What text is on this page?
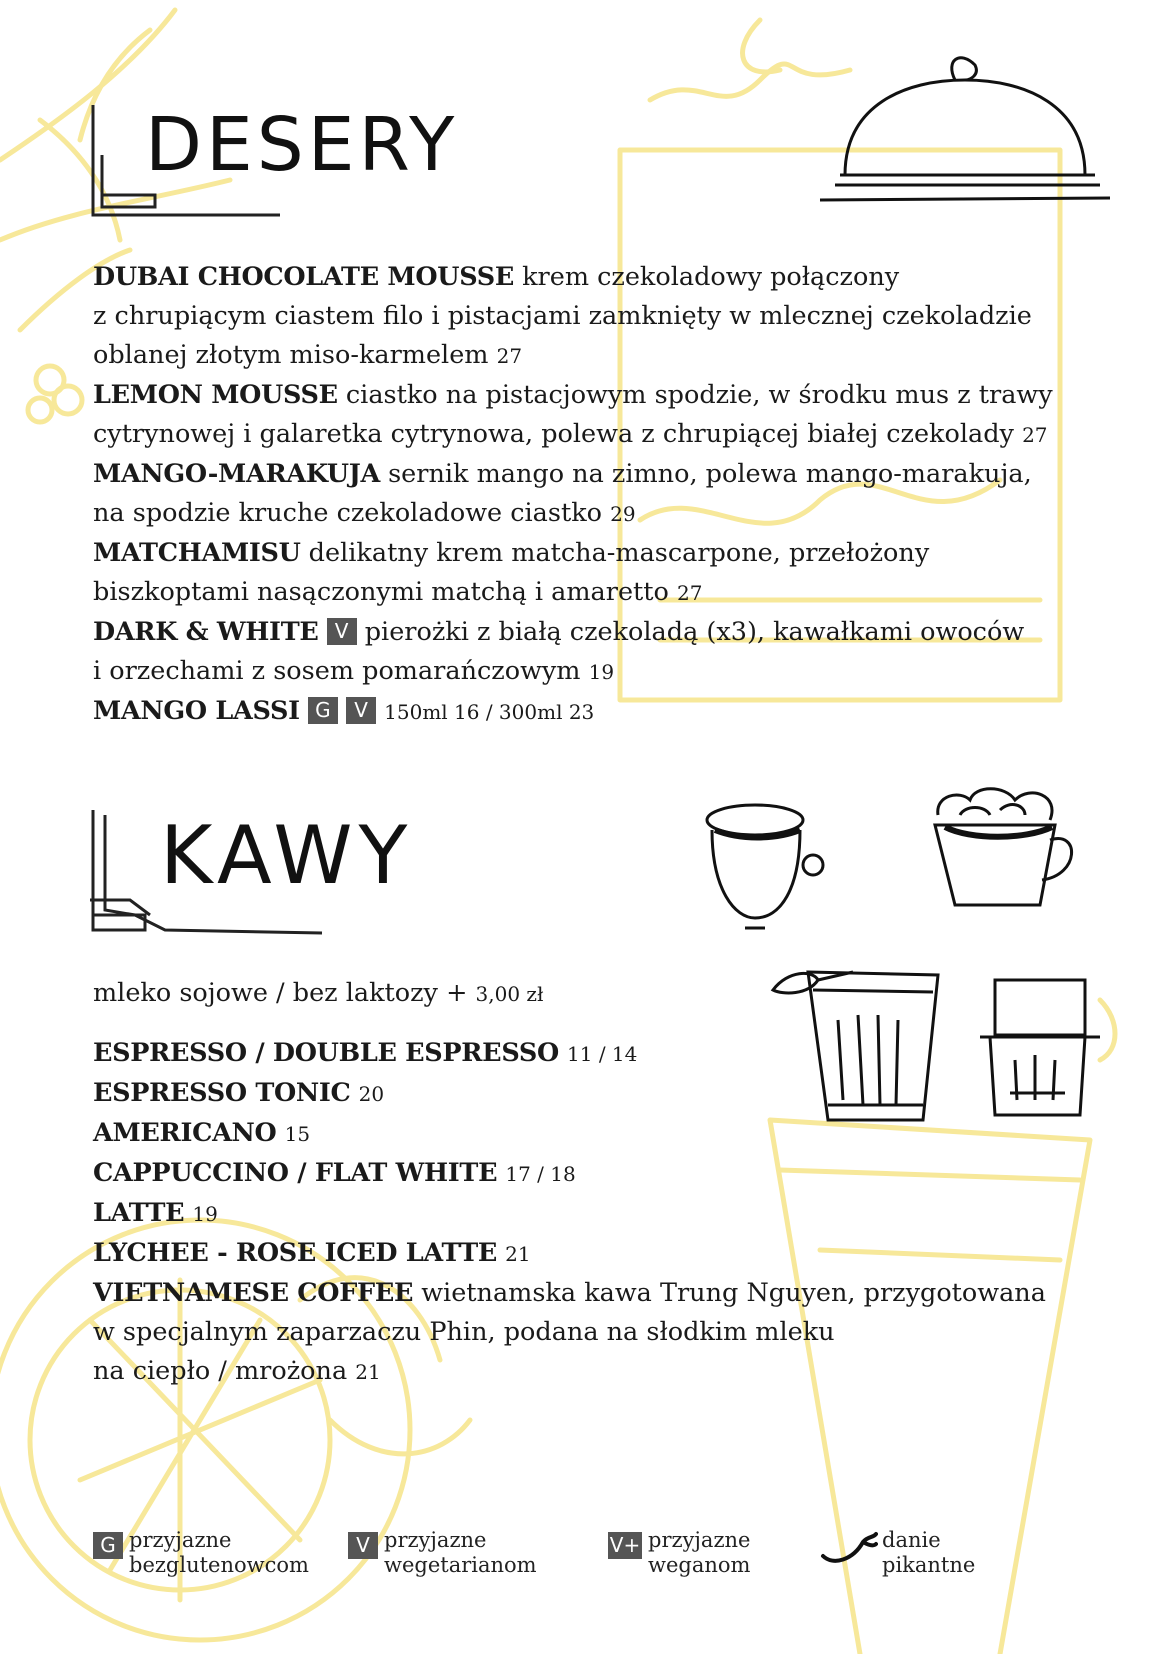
DESERY

DUBAI CHOCOLATE MOUSSE krem czekoladowy połączony

z chrupiącym ciastem filo i pistacjami zamknięty w mlecznej czekoladzie

oblanej złotym miso-karmelem 27

LEMON MOUSSE ciastko na pistacjowym spodzie, w środku mus z trawy

cytrynowej i galaretka cytrynowa, polewa z chrupiącej białej czekolady 27

MANGO-MARAKUJA sernik mango na zimno, polewa mango-marakuja,

na spodzie kruche czekoladowe ciastko 29

MATCHAMISU delikatny krem matcha-mascarpone, przełożony

biszkoptami nasączonymi matchą i amaretto 27

DARK & WHITE V pierożki z białą czekoladą (x3), kawałkami owoców

i orzechami z sosem pomarańczowym 19

MANGO LASSI G V 150ml 16 / 300ml 23

KAWY
mleko sojowe / bez laktozy + 3,00 zł

ESPRESSO / DOUBLE ESPRESSO 11 / 14

ESPRESSO TONIC 20

AMERICANO 15

CAPPUCCINO / FLAT WHITE 17 / 18

LATTE 19

LYCHEE - ROSE ICED LATTE 21

VIETNAMESE COFFEE wietnamska kawa Trung Nguyen, przygotowana

w specjalnym zaparzaczu Phin, podana na słodkim mleku

na ciepło / mrożona 21

G przyjazne
bezglutenowcom
V przyjazne
wegetarianom
V+ przyjazne
weganom
danie
pikantne
